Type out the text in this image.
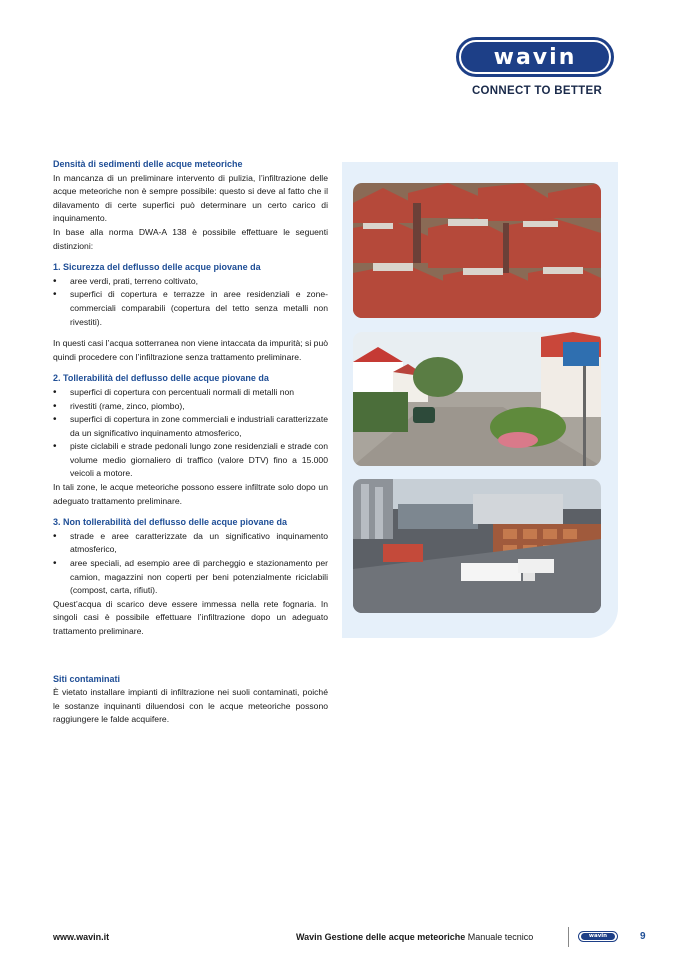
wavin
CONNECT TO BETTER

Densità di sedimenti delle acque meteoriche

In mancanza di un preliminare intervento di pulizia, l’infiltrazione delle acque meteoriche non è sempre possibile: questo si deve al fatto che il dilavamento di certe superfici può determinare un certo carico di inquinamento.

In base alla norma DWA-A 138 è possibile effettuare le seguenti distinzioni:

1. Sicurezza del deflusso delle acque piovane da

• aree verdi, prati, terreno coltivato,
• superfici di copertura e terrazze in aree residenziali e zone-commerciali comparabili (copertura del tetto senza metalli non rivestiti).

In questi casi l’acqua sotterranea non viene intaccata da impurità; si può quindi procedere con l’infiltrazione senza trattamento preliminare.

2. Tollerabilità del deflusso delle acque piovane da

• superfici di copertura con percentuali normali di metalli non
• rivestiti (rame, zinco, piombo),
• superfici di copertura in zone commerciali e industriali caratterizzate da un significativo inquinamento atmosferico,
• piste ciclabili e strade pedonali lungo zone residenziali e strade con volume medio giornaliero di traffico (valore DTV) fino a 15.000 veicoli a motore.

In tali zone, le acque meteoriche possono essere infiltrate solo dopo un adeguato trattamento preliminare.

3. Non tollerabilità del deflusso delle acque piovane da

• strade e aree caratterizzate da un significativo inquinamento atmosferico,
• aree speciali, ad esempio aree di parcheggio e stazionamento per camion, magazzini non coperti per beni potenzialmente riciclabili (compost, carta, rifiuti).

Quest’acqua di scarico deve essere immessa nella rete fognaria. In singoli casi è possibile effettuare l’infiltrazione dopo un adeguato trattamento preliminare.

Siti contaminati

È vietato installare impianti di infiltrazione nei suoli contaminati, poiché le sostanze inquinanti diluendosi con le acque meteoriche possono raggiungere le falde acquifere.

www.wavin.it	Wavin Gestione delle acque meteoriche Manuale tecnico	wavin	9
